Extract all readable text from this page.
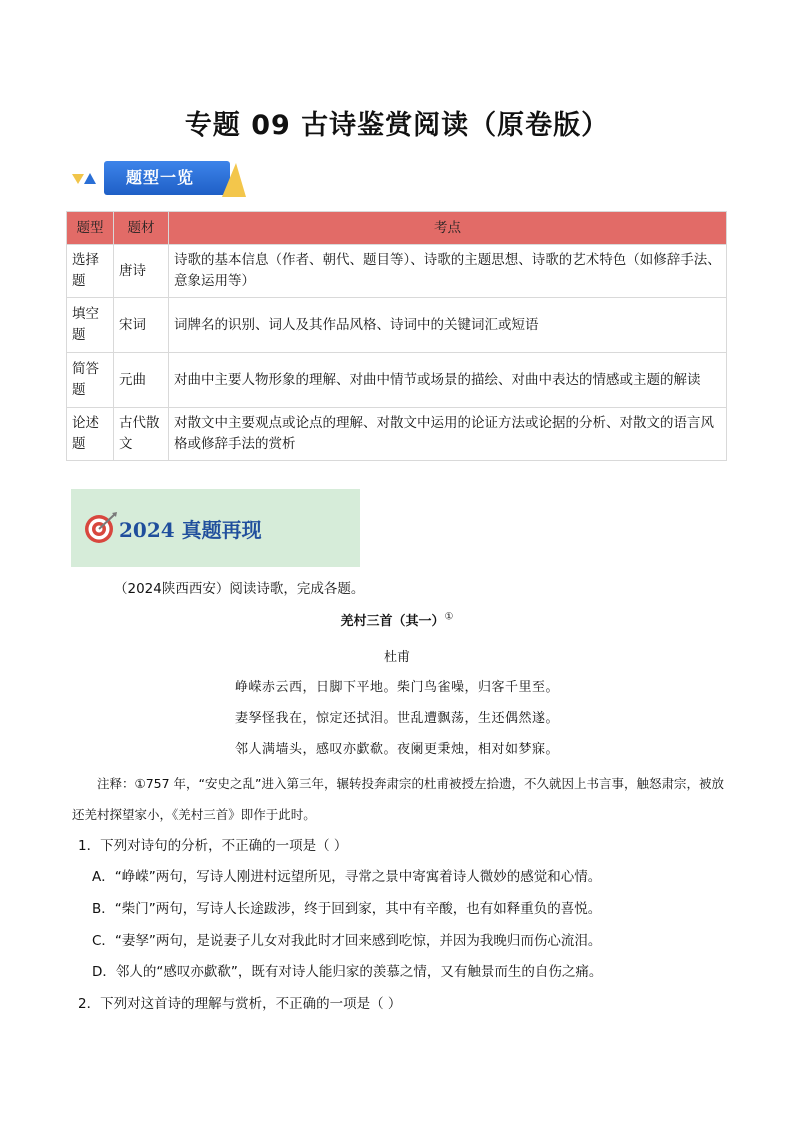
专题 09 古诗鉴赏阅读（原卷版）
题型一览
题型	题材	考点
选择题	唐诗	诗歌的基本信息（作者、朝代、题目等）、诗歌的主题思想、诗歌的艺术特色（如修辞手法、意象运用等）
填空题	宋词	词牌名的识别、词人及其作品风格、诗词中的关键词汇或短语
简答题	元曲	对曲中主要人物形象的理解、对曲中情节或场景的描绘、对曲中表达的情感或主题的解读
论述题	古代散文	对散文中主要观点或论点的理解、对散文中运用的论证方法或论据的分析、对散文的语言风格或修辞手法的赏析
2024 真题再现
（2024陕西西安）阅读诗歌，完成各题。
羌村三首（其一）①
杜甫
峥嵘赤云西，日脚下平地。柴门鸟雀噪，归客千里至。
妻孥怪我在，惊定还拭泪。世乱遭飘荡，生还偶然遂。
邻人满墙头，感叹亦歔欷。夜阑更秉烛，相对如梦寐。
注释：①757 年，“安史之乱”进入第三年，辗转投奔肃宗的杜甫被授左拾遗，不久就因上书言事，触怒肃宗，被放还羌村探望家小，《羌村三首》即作于此时。
1．下列对诗句的分析，不正确的一项是（ ）
A．“峥嵘”两句，写诗人刚进村远望所见，寻常之景中寄寓着诗人微妙的感觉和心情。
B．“柴门”两句，写诗人长途跋涉，终于回到家，其中有辛酸，也有如释重负的喜悦。
C．“妻孥”两句，是说妻子儿女对我此时才回来感到吃惊，并因为我晚归而伤心流泪。
D．邻人的“感叹亦歔欷”，既有对诗人能归家的羡慕之情，又有触景而生的自伤之痛。
2．下列对这首诗的理解与赏析，不正确的一项是（ ）
